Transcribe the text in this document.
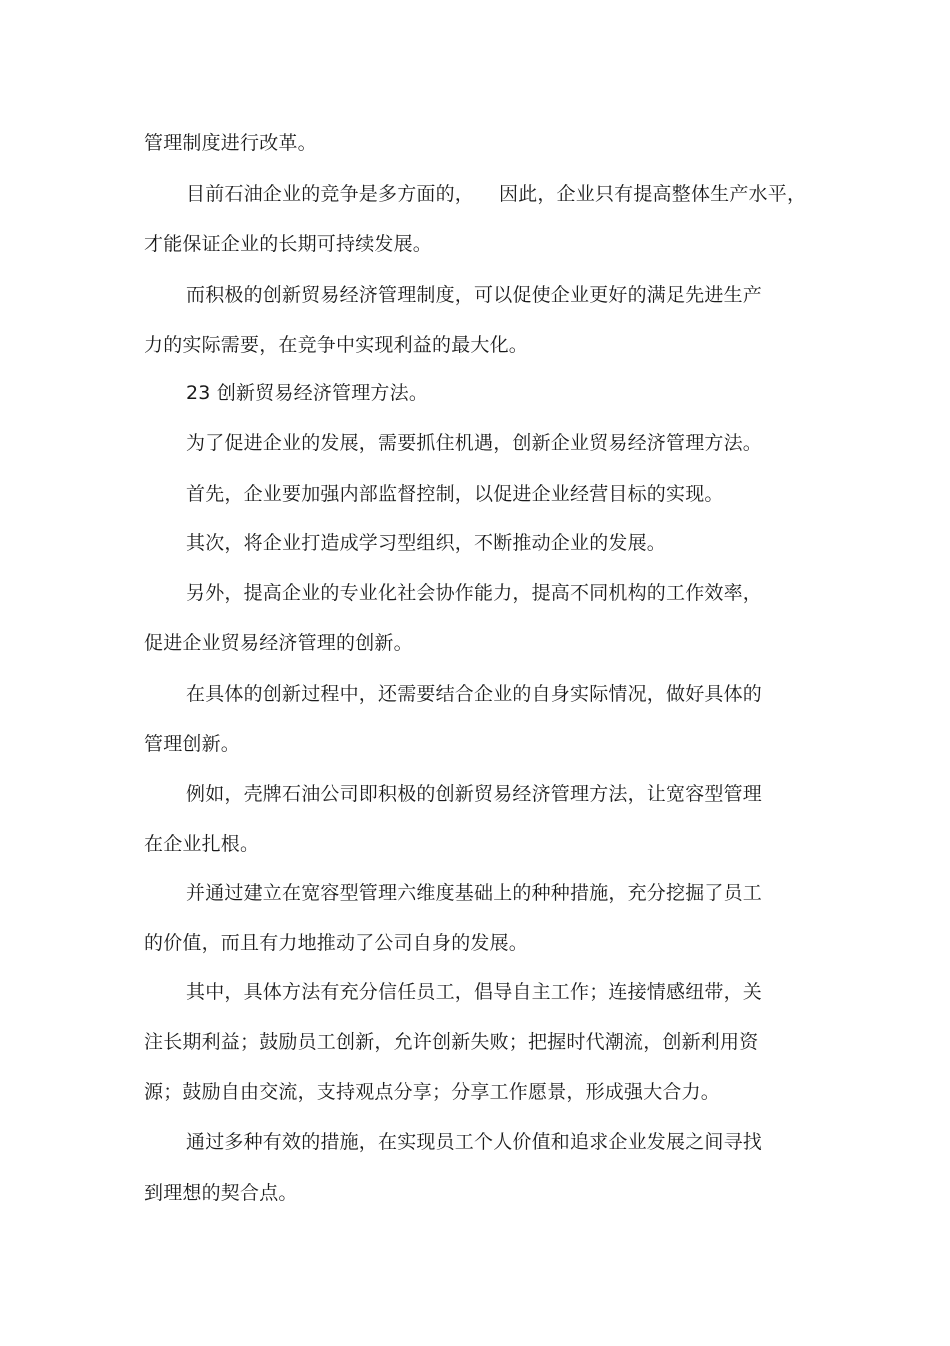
管理制度进行改革。
目前石油企业的竞争是多方面的，    因此，企业只有提高整体生产水平，
才能保证企业的长期可持续发展。
而积极的创新贸易经济管理制度，可以促使企业更好的满足先进生产
力的实际需要，在竞争中实现利益的最大化。
23 创新贸易经济管理方法。
为了促进企业的发展，需要抓住机遇，创新企业贸易经济管理方法。
首先，企业要加强内部监督控制，以促进企业经营目标的实现。
其次，将企业打造成学习型组织，不断推动企业的发展。
另外，提高企业的专业化社会协作能力，提高不同机构的工作效率，
促进企业贸易经济管理的创新。
在具体的创新过程中，还需要结合企业的自身实际情况，做好具体的
管理创新。
例如，壳牌石油公司即积极的创新贸易经济管理方法，让宽容型管理
在企业扎根。
并通过建立在宽容型管理六维度基础上的种种措施，充分挖掘了员工
的价值，而且有力地推动了公司自身的发展。
其中，具体方法有充分信任员工，倡导自主工作；连接情感纽带，关
注长期利益；鼓励员工创新，允许创新失败；把握时代潮流，创新利用资
源；鼓励自由交流，支持观点分享；分享工作愿景，形成强大合力。
通过多种有效的措施，在实现员工个人价值和追求企业发展之间寻找
到理想的契合点。
